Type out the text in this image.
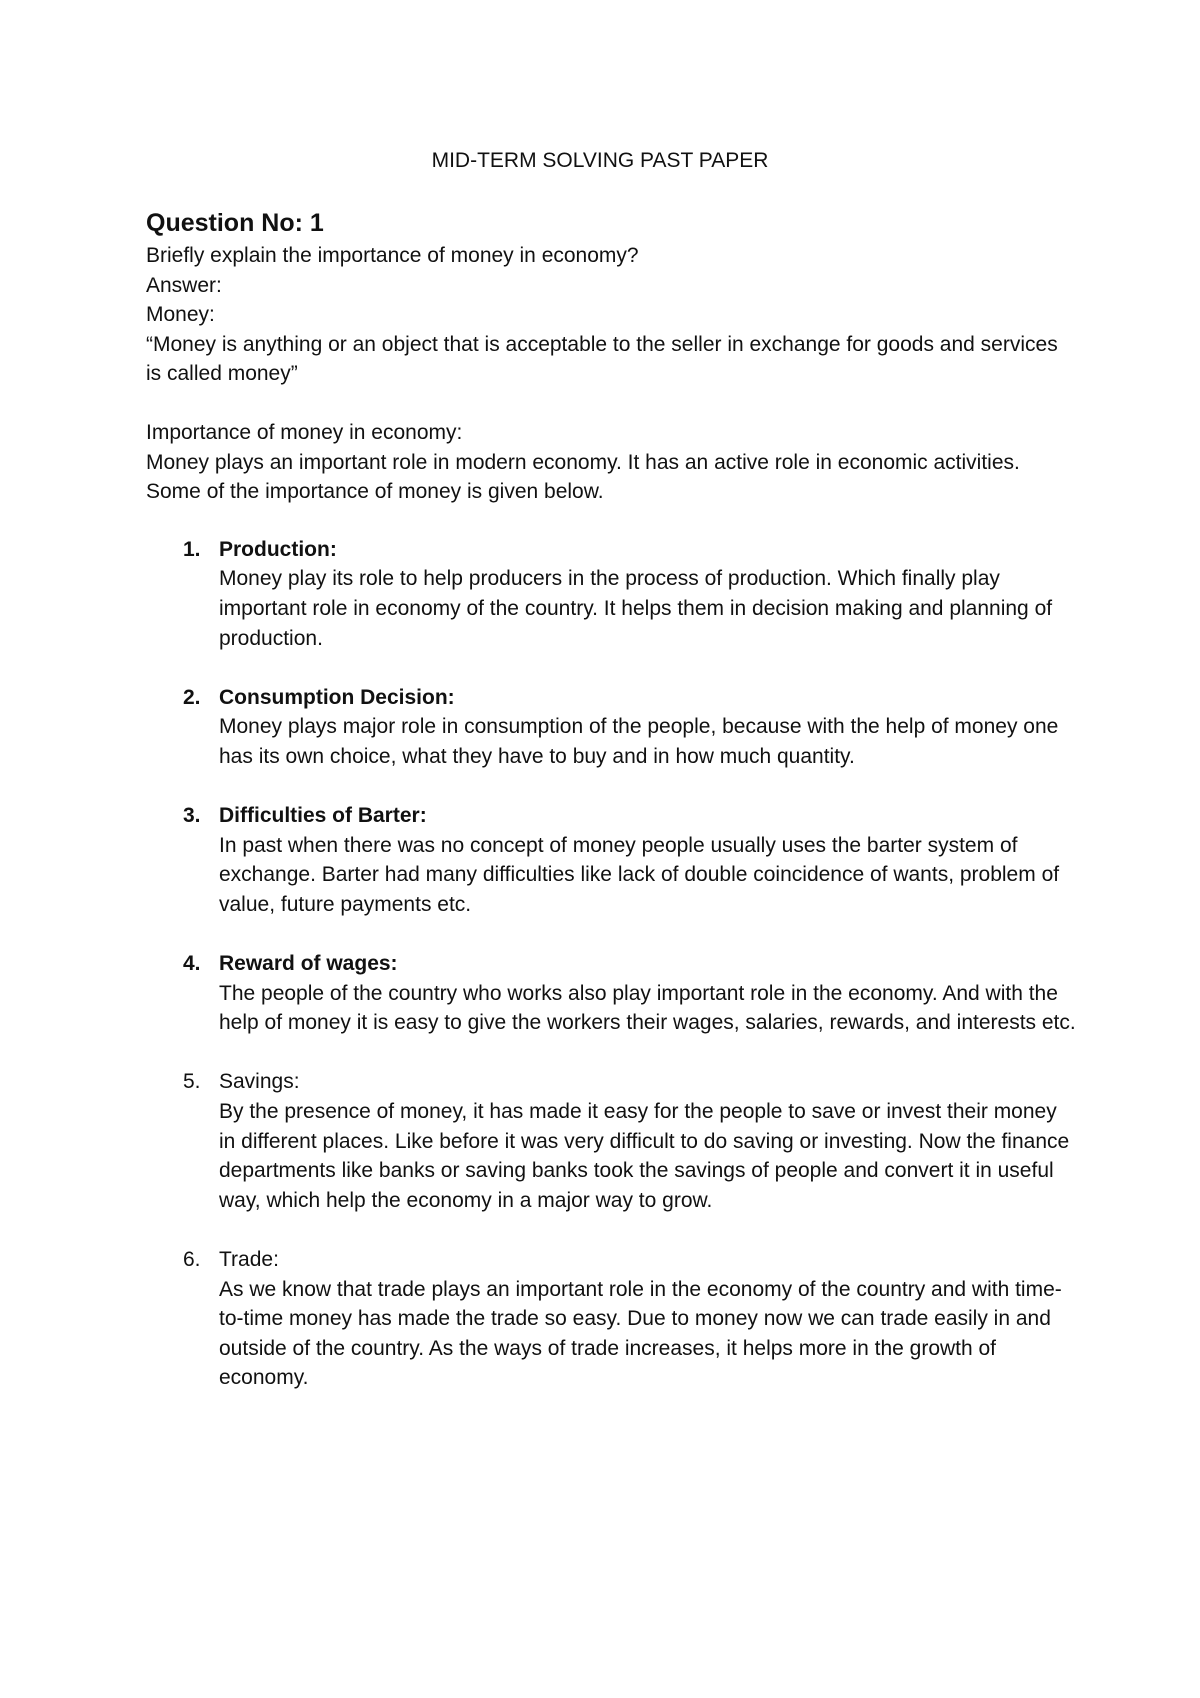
MID-TERM SOLVING PAST PAPER
Question No: 1
Briefly explain the importance of money in economy?
Answer:
Money:
“Money is anything or an object that is acceptable to the seller in exchange for goods and services is called money”
Importance of money in economy:
Money plays an important role in modern economy. It has an active role in economic activities. Some of the importance of money is given below.
1. Production:
Money play its role to help producers in the process of production. Which finally play important role in economy of the country. It helps them in decision making and planning of production.
2. Consumption Decision:
Money plays major role in consumption of the people, because with the help of money one has its own choice, what they have to buy and in how much quantity.
3. Difficulties of Barter:
In past when there was no concept of money people usually uses the barter system of exchange. Barter had many difficulties like lack of double coincidence of wants, problem of value, future payments etc.
4. Reward of wages:
The people of the country who works also play important role in the economy. And with the help of money it is easy to give the workers their wages, salaries, rewards, and interests etc.
5. Savings:
By the presence of money, it has made it easy for the people to save or invest their money in different places. Like before it was very difficult to do saving or investing. Now the finance departments like banks or saving banks took the savings of people and convert it in useful way, which help the economy in a major way to grow.
6. Trade:
As we know that trade plays an important role in the economy of the country and with time-to-time money has made the trade so easy. Due to money now we can trade easily in and outside of the country. As the ways of trade increases, it helps more in the growth of economy.
